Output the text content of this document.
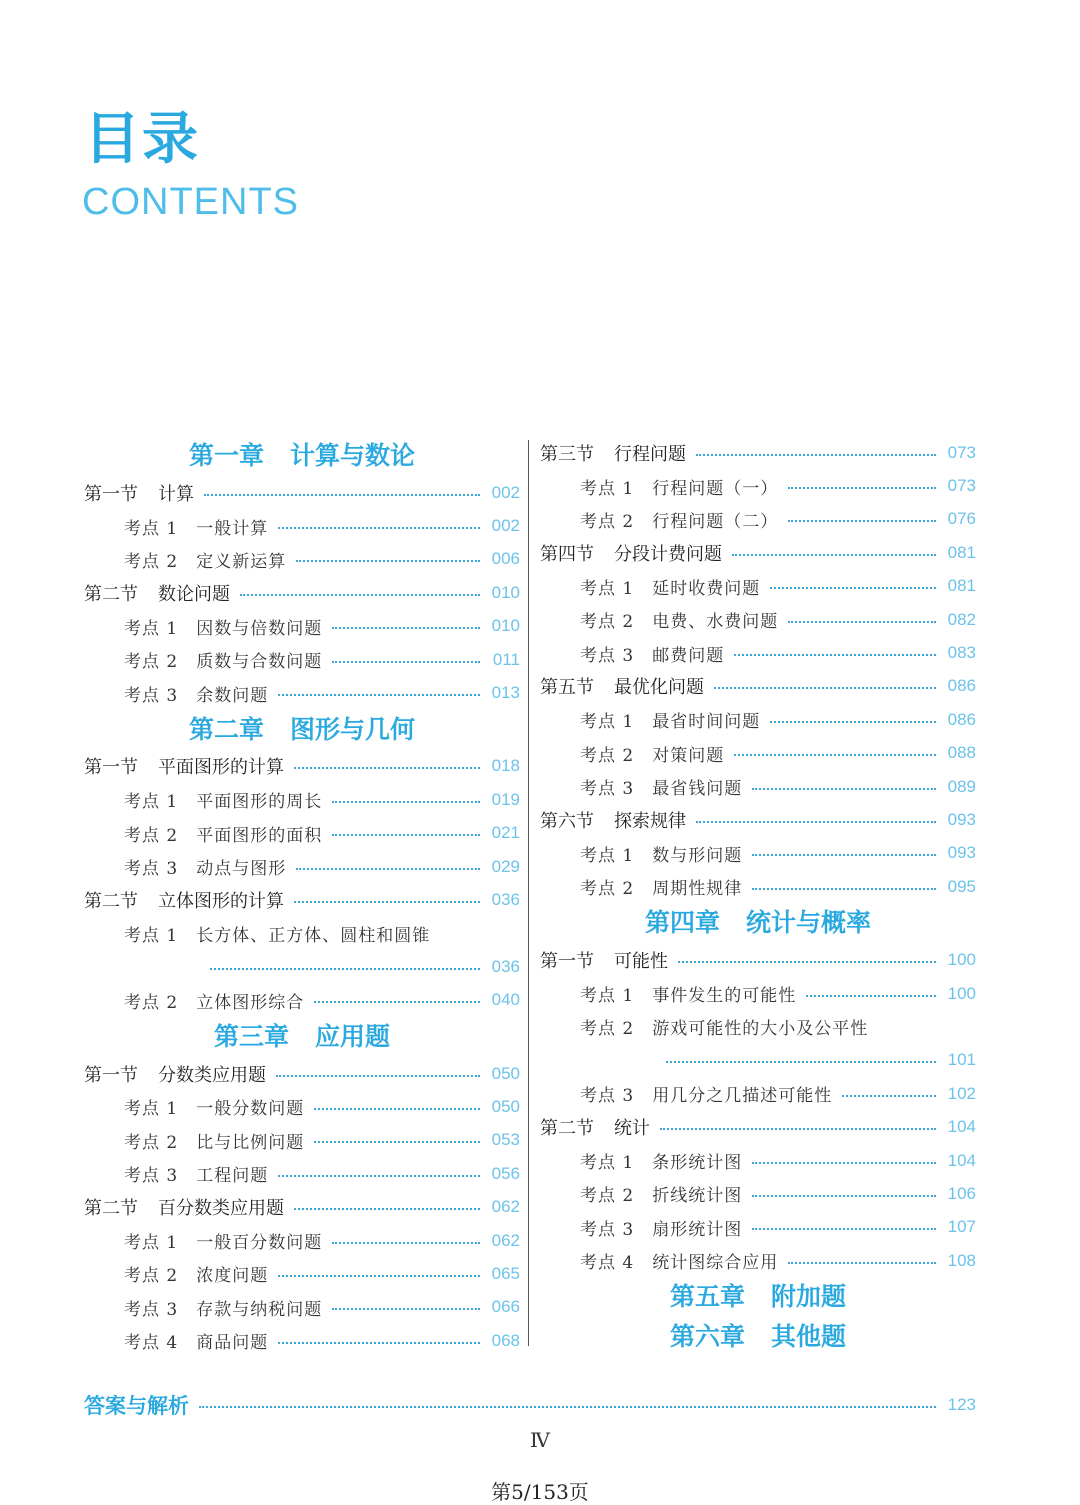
目录
CONTENTS
第一章 计算与数论
第一节 计算	002
考点 1 一般计算	002
考点 2 定义新运算	006
第二节 数论问题	010
考点 1 因数与倍数问题	010
考点 2 质数与合数问题	011
考点 3 余数问题	013
第二章 图形与几何
第一节 平面图形的计算	018
考点 1 平面图形的周长	019
考点 2 平面图形的面积	021
考点 3 动点与图形	029
第二节 立体图形的计算	036
考点 1 长方体、正方体、圆柱和圆锥
036
考点 2 立体图形综合	040
第三章 应用题
第一节 分数类应用题	050
考点 1 一般分数问题	050
考点 2 比与比例问题	053
考点 3 工程问题	056
第二节 百分数类应用题	062
考点 1 一般百分数问题	062
考点 2 浓度问题	065
考点 3 存款与纳税问题	066
考点 4 商品问题	068
第三节 行程问题	073
考点 1 行程问题（一）	073
考点 2 行程问题（二）	076
第四节 分段计费问题	081
考点 1 延时收费问题	081
考点 2 电费、水费问题	082
考点 3 邮费问题	083
第五节 最优化问题	086
考点 1 最省时间问题	086
考点 2 对策问题	088
考点 3 最省钱问题	089
第六节 探索规律	093
考点 1 数与形问题	093
考点 2 周期性规律	095
第四章 统计与概率
第一节 可能性	100
考点 1 事件发生的可能性	100
考点 2 游戏可能性的大小及公平性
101
考点 3 用几分之几描述可能性	102
第二节 统计	104
考点 1 条形统计图	104
考点 2 折线统计图	106
考点 3 扇形统计图	107
考点 4 统计图综合应用	108
第五章 附加题
第六章 其他题
答案与解析	123
Ⅳ
第5/153页
